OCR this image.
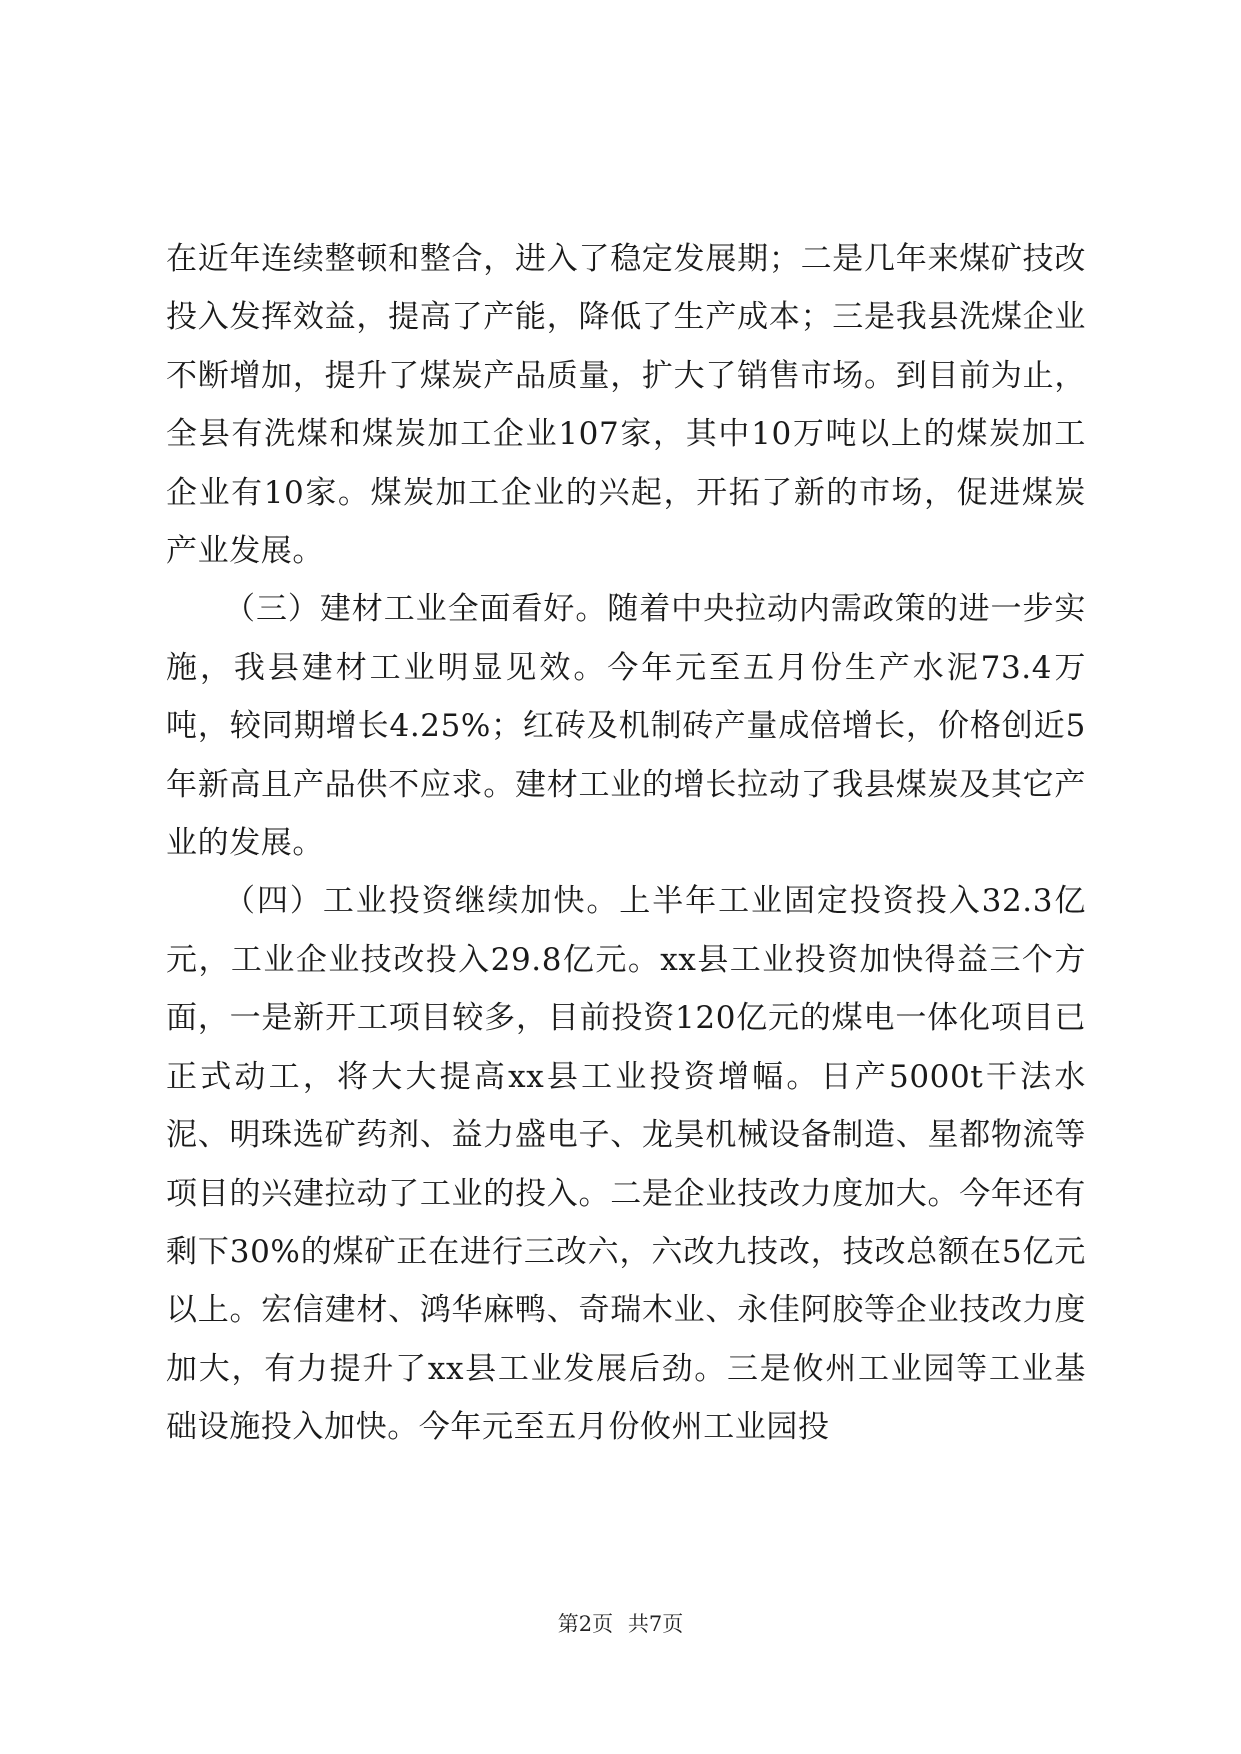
在近年连续整顿和整合，进入了稳定发展期；二是几年来煤矿技改投入发挥效益，提高了产能，降低了生产成本；三是我县洗煤企业不断增加，提升了煤炭产品质量，扩大了销售市场。到目前为止，全县有洗煤和煤炭加工企业107家，其中10万吨以上的煤炭加工企业有10家。煤炭加工企业的兴起，开拓了新的市场，促进煤炭产业发展。

（三）建材工业全面看好。随着中央拉动内需政策的进一步实施，我县建材工业明显见效。今年元至五月份生产水泥73.4万吨，较同期增长4.25%；红砖及机制砖产量成倍增长，价格创近5年新高且产品供不应求。建材工业的增长拉动了我县煤炭及其它产业的发展。

（四）工业投资继续加快。上半年工业固定投资投入32.3亿元，工业企业技改投入29.8亿元。xx县工业投资加快得益三个方面，一是新开工项目较多，目前投资120亿元的煤电一体化项目已正式动工，将大大提高xx县工业投资增幅。日产5000t干法水泥、明珠选矿药剂、益力盛电子、龙昊机械设备制造、星都物流等项目的兴建拉动了工业的投入。二是企业技改力度加大。今年还有剩下30%的煤矿正在进行三改六，六改九技改，技改总额在5亿元以上。宏信建材、鸿华麻鸭、奇瑞木业、永佳阿胶等企业技改力度加大，有力提升了xx县工业发展后劲。三是攸州工业园等工业基础设施投入加快。今年元至五月份攸州工业园投

第2页 共7页
